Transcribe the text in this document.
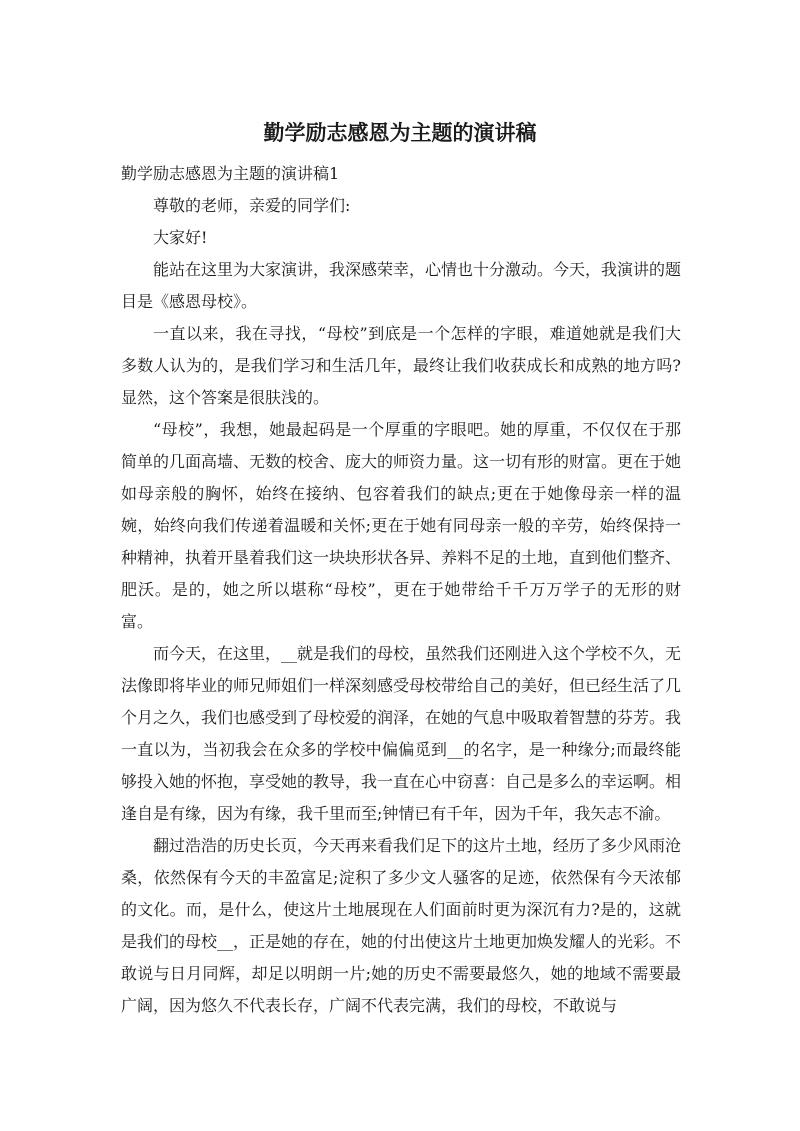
勤学励志感恩为主题的演讲稿

勤学励志感恩为主题的演讲稿1

尊敬的老师，亲爱的同学们:

大家好!

能站在这里为大家演讲，我深感荣幸，心情也十分激动。今天，我演讲的题目是《感恩母校》。

一直以来，我在寻找，“母校”到底是一个怎样的字眼，难道她就是我们大多数人认为的，是我们学习和生活几年，最终让我们收获成长和成熟的地方吗?显然，这个答案是很肤浅的。

“母校”，我想，她最起码是一个厚重的字眼吧。她的厚重，不仅仅在于那简单的几面高墙、无数的校舍、庞大的师资力量。这一切有形的财富。更在于她如母亲般的胸怀，始终在接纳、包容着我们的缺点;更在于她像母亲一样的温婉，始终向我们传递着温暖和关怀;更在于她有同母亲一般的辛劳，始终保持一种精神，执着开垦着我们这一块块形状各异、养料不足的土地，直到他们整齐、肥沃。是的，她之所以堪称“母校”，更在于她带给千千万万学子的无形的财富。

而今天，在这里，__就是我们的母校，虽然我们还刚进入这个学校不久，无法像即将毕业的师兄师姐们一样深刻感受母校带给自己的美好，但已经生活了几个月之久，我们也感受到了母校爱的润泽，在她的气息中吸取着智慧的芬芳。我一直以为，当初我会在众多的学校中偏偏觅到__的名字，是一种缘分;而最终能够投入她的怀抱，享受她的教导，我一直在心中窃喜：自己是多么的幸运啊。相逢自是有缘，因为有缘，我千里而至;钟情已有千年，因为千年，我矢志不渝。

翻过浩浩的历史长页，今天再来看我们足下的这片土地，经历了多少风雨沧桑，依然保有今天的丰盈富足;淀积了多少文人骚客的足迹，依然保有今天浓郁的文化。而，是什么，使这片土地展现在人们面前时更为深沉有力?是的，这就是我们的母校__，正是她的存在，她的付出使这片土地更加焕发耀人的光彩。不敢说与日月同辉，却足以明朗一片;她的历史不需要最悠久，她的地域不需要最广阔，因为悠久不代表长存，广阔不代表完满，我们的母校，不敢说与
